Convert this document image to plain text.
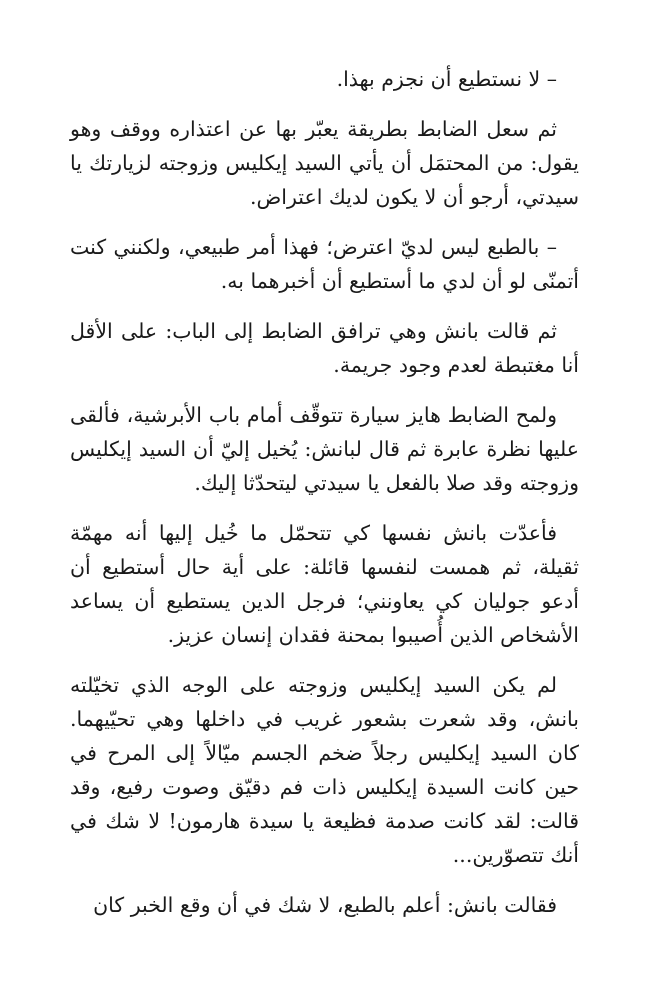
– لا نستطيع أن نجزم بهذا.

ثم سعل الضابط بطريقة يعبّر بها عن اعتذاره ووقف وهو يقول: من المحتمَل أن يأتي السيد إيكليس وزوجته لزيارتك يا سيدتي، أرجو أن لا يكون لديك اعتراض.

– بالطبع ليس لديّ اعترض؛ فهذا أمر طبيعي، ولكنني كنت أتمنّى لو أن لدي ما أستطيع أن أخبرهما به.

ثم قالت بانش وهي ترافق الضابط إلى الباب: على الأقل أنا مغتبطة لعدم وجود جريمة.

ولمح الضابط هايز سيارة تتوقّف أمام باب الأبرشية، فألقى عليها نظرة عابرة ثم قال لبانش: يُخيل إليّ أن السيد إيكليس وزوجته وقد صلا بالفعل يا سيدتي ليتحدّثا إليك.

فأعدّت بانش نفسها كي تتحمّل ما خُيل إليها أنه مهمّة ثقيلة، ثم همست لنفسها قائلة: على أية حال أستطيع أن أدعو جوليان كي يعاونني؛ فرجل الدين يستطيع أن يساعد الأشخاص الذين أُصيبوا بمحنة فقدان إنسان عزيز.

لم يكن السيد إيكليس وزوجته على الوجه الذي تخيّلته بانش، وقد شعرت بشعور غريب في داخلها وهي تحيّيهما. كان السيد إيكليس رجلاً ضخم الجسم ميّالاً إلى المرح في حين كانت السيدة إيكليس ذات فم دقيّق وصوت رفيع، وقد قالت: لقد كانت صدمة فظيعة يا سيدة هارمون! لا شك في أنك تتصوّرين...

فقالت بانش: أعلم بالطبع، لا شك في أن وقع الخبر كان
